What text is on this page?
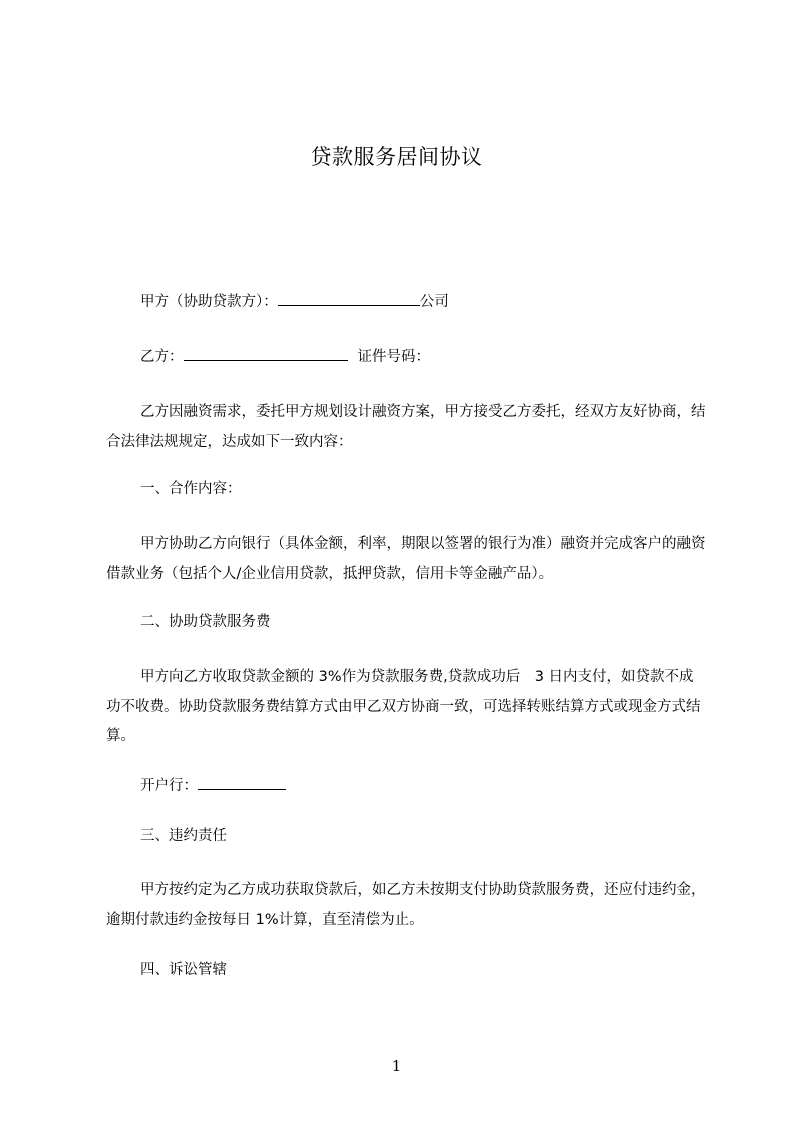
贷款服务居间协议
甲方（协助贷款方）：	公司
乙方：	证件号码：
乙方因融资需求，委托甲方规划设计融资方案，甲方接受乙方委托，经双方友好协商，结合法律法规规定，达成如下一致内容：
一、合作内容：
甲方协助乙方向银行（具体金额，利率，期限以签署的银行为准）融资并完成客户的融资借款业务（包括个人/企业信用贷款，抵押贷款，信用卡等金融产品）。
二、协助贷款服务费
甲方向乙方收取贷款金额的 3%作为贷款服务费,贷款成功后　3 日内支付，如贷款不成功不收费。协助贷款服务费结算方式由甲乙双方协商一致，可选择转账结算方式或现金方式结算。
开户行：
三、违约责任
甲方按约定为乙方成功获取贷款后，如乙方未按期支付协助贷款服务费，还应付违约金，逾期付款违约金按每日 1%计算，直至清偿为止。
四、诉讼管辖
1
